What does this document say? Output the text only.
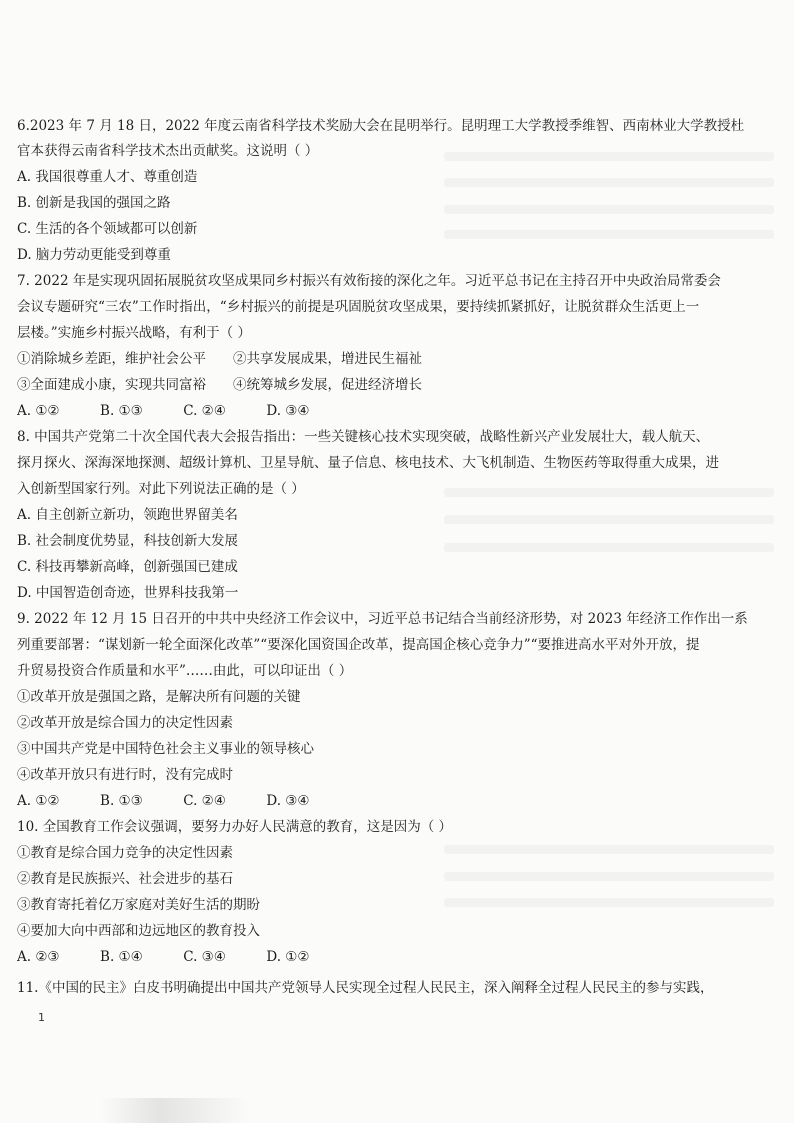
6.2023 年 7 月 18 日，2022 年度云南省科学技术奖励大会在昆明举行。昆明理工大学教授季维智、西南林业大学教授杜
官本获得云南省科学技术杰出贡献奖。这说明（ ）
A. 我国很尊重人才、尊重创造
B. 创新是我国的强国之路
C. 生活的各个领域都可以创新
D. 脑力劳动更能受到尊重
7. 2022 年是实现巩固拓展脱贫攻坚成果同乡村振兴有效衔接的深化之年。习近平总书记在主持召开中央政治局常委会
会议专题研究“三农”工作时指出，“乡村振兴的前提是巩固脱贫攻坚成果，要持续抓紧抓好，让脱贫群众生活更上一
层楼。”实施乡村振兴战略，有利于（ ）
①消除城乡差距，维护社会公平　　②共享发展成果，增进民生福祉
③全面建成小康，实现共同富裕　　④统筹城乡发展，促进经济增长
A. ①②　　　B. ①③　　　C. ②④　　　D. ③④
8. 中国共产党第二十次全国代表大会报告指出：一些关键核心技术实现突破，战略性新兴产业发展壮大，载人航天、
探月探火、深海深地探测、超级计算机、卫星导航、量子信息、核电技术、大飞机制造、生物医药等取得重大成果，进
入创新型国家行列。对此下列说法正确的是（ ）
A. 自主创新立新功，领跑世界留美名
B. 社会制度优势显，科技创新大发展
C. 科技再攀新高峰，创新强国已建成
D. 中国智造创奇迹，世界科技我第一
9. 2022 年 12 月 15 日召开的中共中央经济工作会议中，习近平总书记结合当前经济形势，对 2023 年经济工作作出一系
列重要部署：“谋划新一轮全面深化改革”“要深化国资国企改革，提高国企核心竞争力”“要推进高水平对外开放，提
升贸易投资合作质量和水平”……由此，可以印证出（ ）
①改革开放是强国之路，是解决所有问题的关键
②改革开放是综合国力的决定性因素
③中国共产党是中国特色社会主义事业的领导核心
④改革开放只有进行时，没有完成时
A. ①②　　　B. ①③　　　C. ②④　　　D. ③④
10. 全国教育工作会议强调，要努力办好人民满意的教育，这是因为（ ）
①教育是综合国力竞争的决定性因素
②教育是民族振兴、社会进步的基石
③教育寄托着亿万家庭对美好生活的期盼
④要加大向中西部和边远地区的教育投入
A. ②③　　　B. ①④　　　C. ③④　　　D. ①②
11.《中国的民主》白皮书明确提出中国共产党领导人民实现全过程人民民主，深入阐释全过程人民民主的参与实践，
1
